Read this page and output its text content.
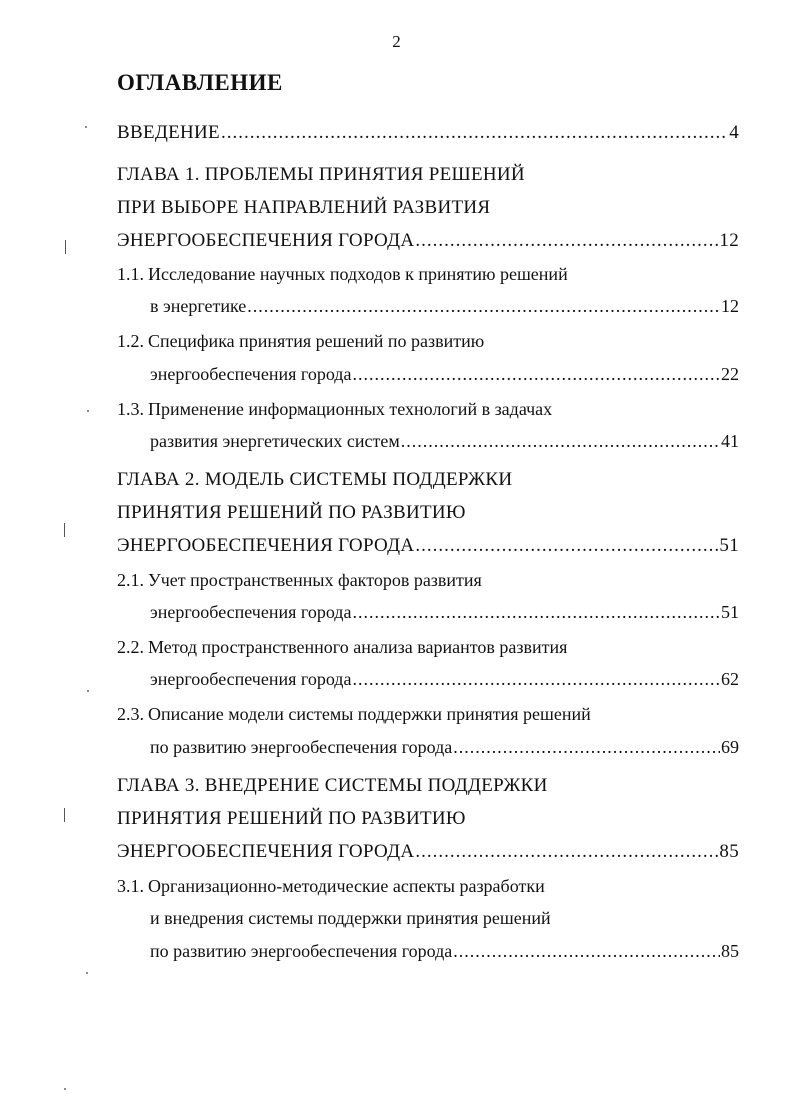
2
ОГЛАВЛЕНИЕ
ВВЕДЕНИЕ .....	4
ГЛАВА 1. ПРОБЛЕМЫ ПРИНЯТИЯ РЕШЕНИЙ
ПРИ ВЫБОРЕ НАПРАВЛЕНИЙ РАЗВИТИЯ
ЭНЕРГООБЕСПЕЧЕНИЯ ГОРОДА .....	12
1.1. Исследование научных подходов к принятию решений
в энергетике .....	12
1.2. Специфика принятия решений по развитию
энергообеспечения города .....	22
1.3. Применение информационных технологий в задачах
развития энергетических систем .....	41
ГЛАВА 2. МОДЕЛЬ СИСТЕМЫ ПОДДЕРЖКИ
ПРИНЯТИЯ РЕШЕНИЙ ПО РАЗВИТИЮ
ЭНЕРГООБЕСПЕЧЕНИЯ ГОРОДА .....	51
2.1. Учет пространственных факторов развития
энергообеспечения города .....	51
2.2. Метод пространственного анализа вариантов развития
энергообеспечения города .....	62
2.3. Описание модели системы поддержки принятия решений
по развитию энергообеспечения города .....	69
ГЛАВА 3. ВНЕДРЕНИЕ СИСТЕМЫ ПОДДЕРЖКИ
ПРИНЯТИЯ РЕШЕНИЙ ПО РАЗВИТИЮ
ЭНЕРГООБЕСПЕЧЕНИЯ ГОРОДА .....	85
3.1. Организационно-методические аспекты разработки
и внедрения системы поддержки принятия решений
по развитию энергообеспечения города .....	85
